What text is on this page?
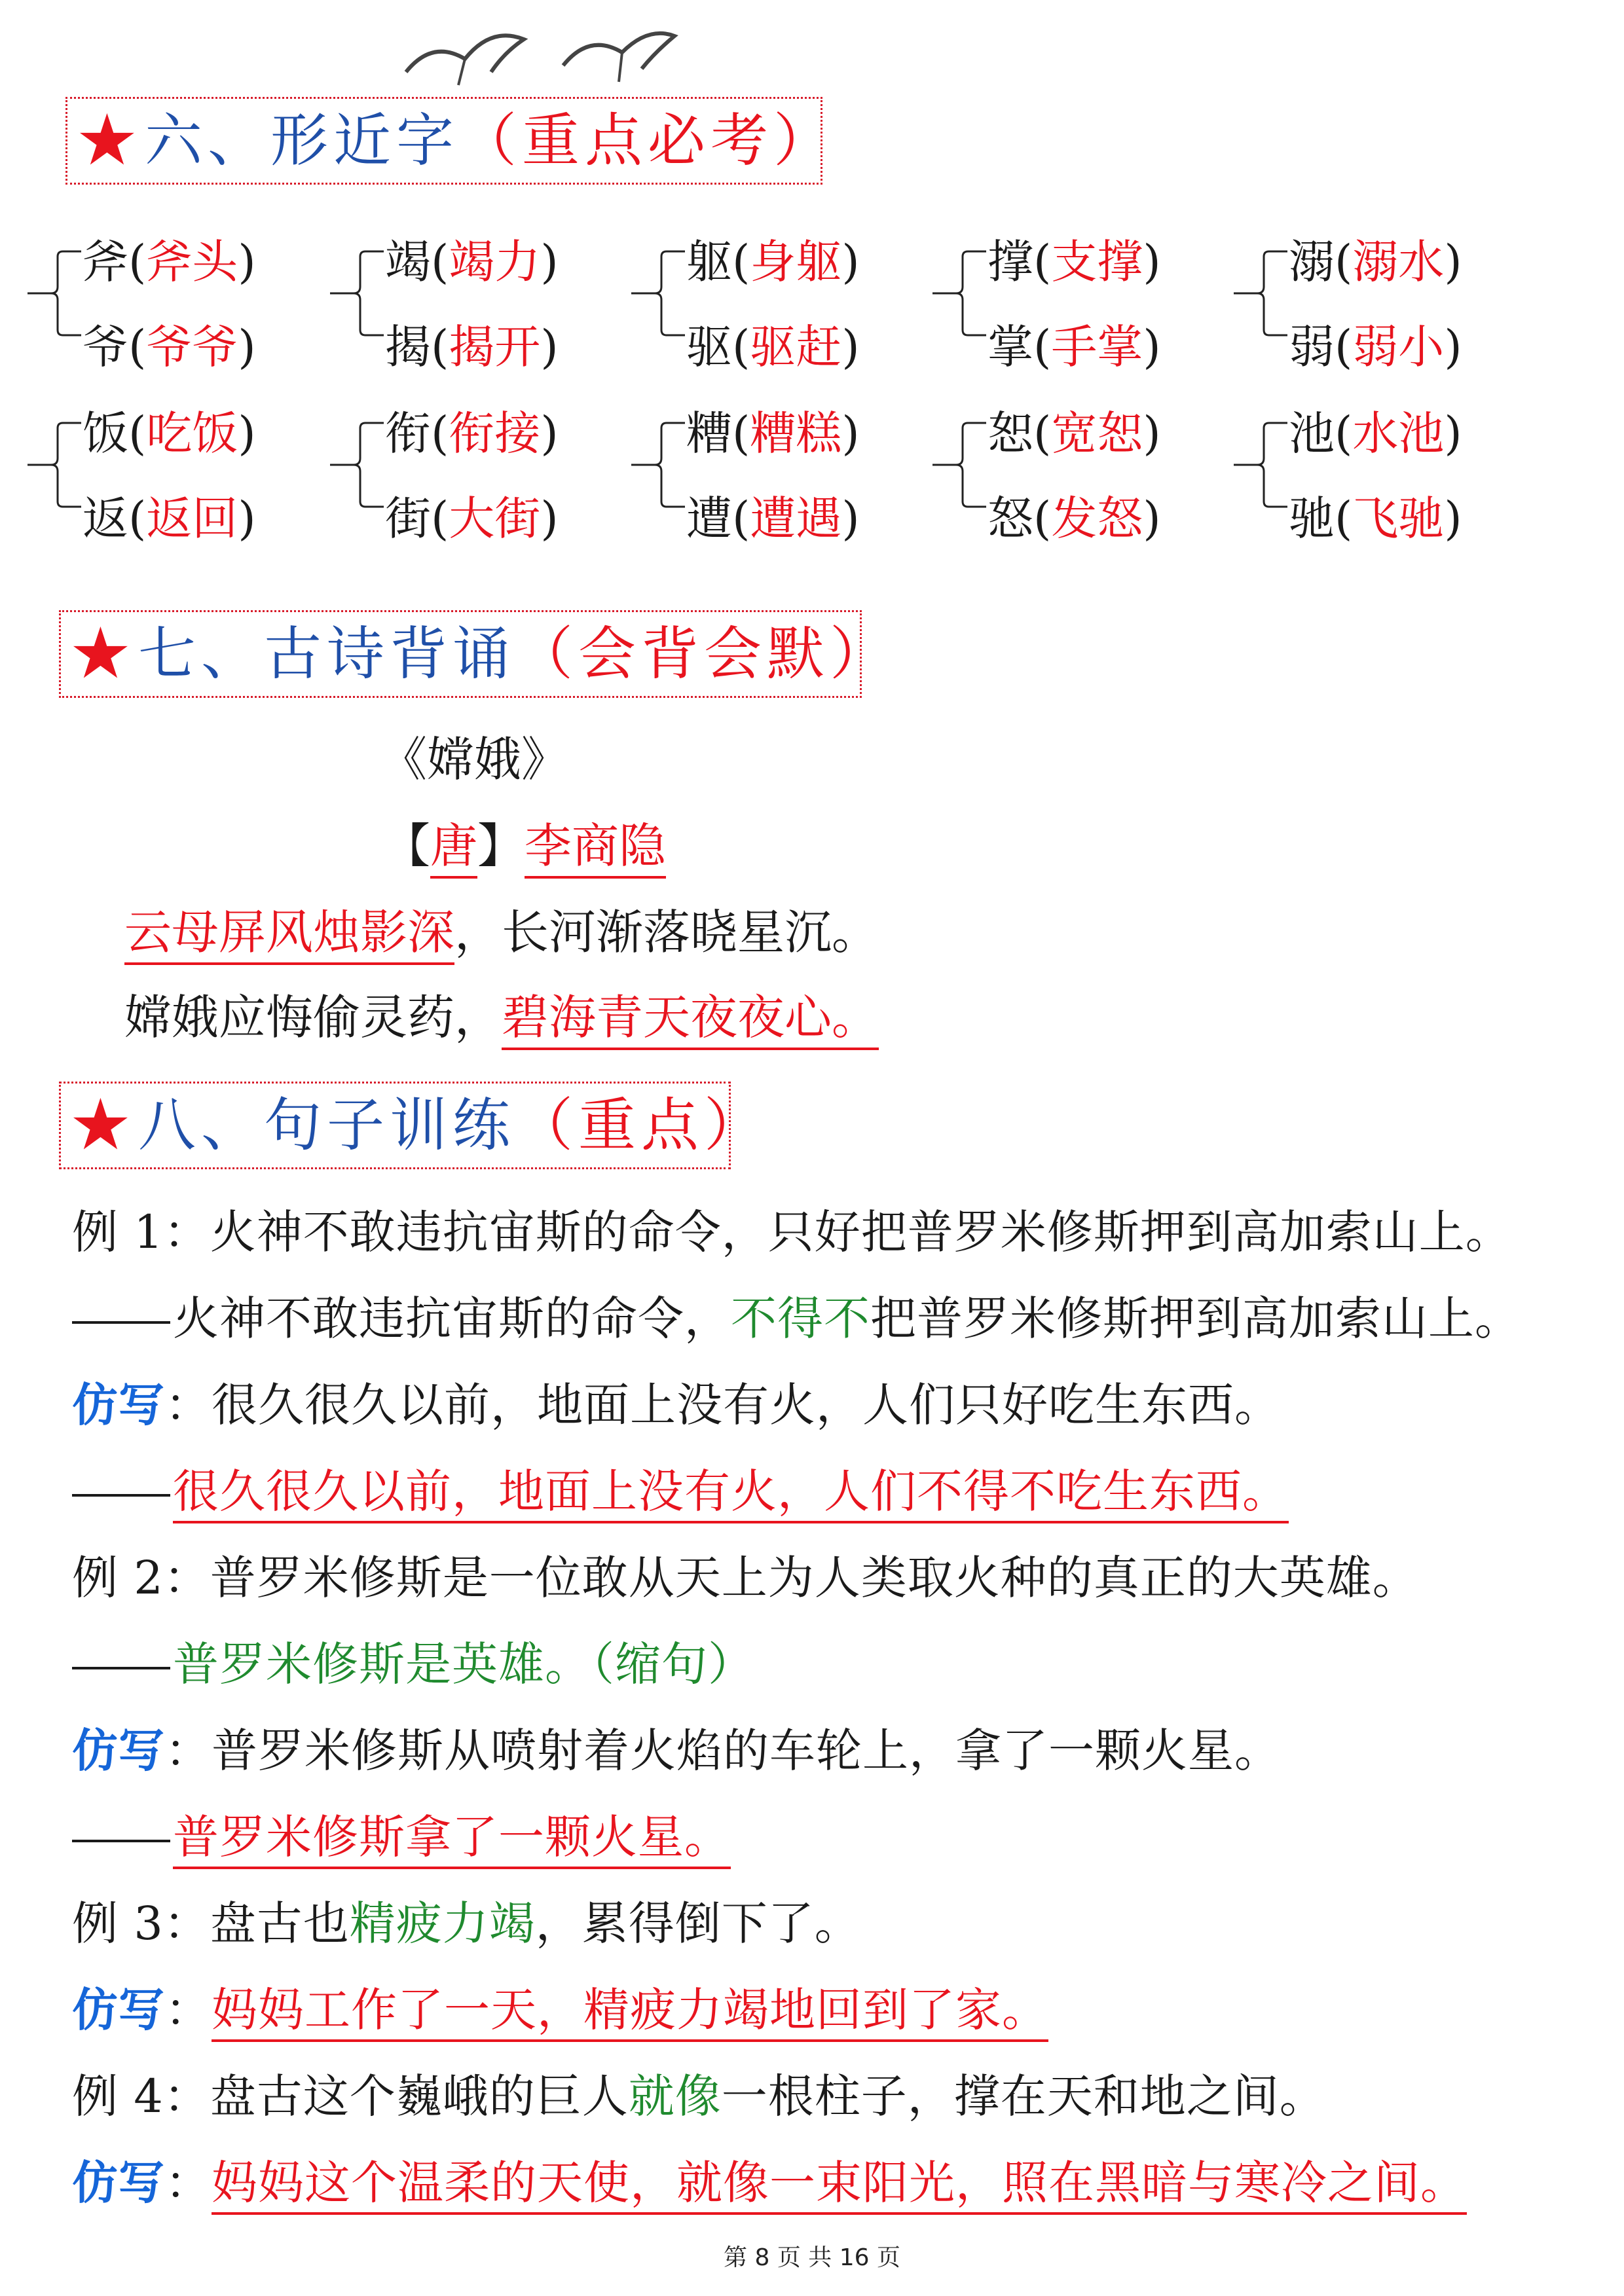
★ 六、形近字（重点必考）
斧(斧头)
爷(爷爷)
竭(竭力)
揭(揭开)
躯(身躯)
驱(驱赶)
撑(支撑)
掌(手掌)
溺(溺水)
弱(弱小)
饭(吃饭)
返(返回)
衔(衔接)
街(大街)
糟(糟糕)
遭(遭遇)
恕(宽恕)
怒(发怒)
池(水池)
驰(飞驰)
★ 七、古诗背诵（会背会默）
《嫦娥》
【唐】李商隐
云母屏风烛影深，长河渐落晓星沉。
嫦娥应悔偷灵药，碧海青天夜夜心。
★ 八、句子训练（重点）
例 1：火神不敢违抗宙斯的命令，只好把普罗米修斯押到高加索山上。
火神不敢违抗宙斯的命令，不得不把普罗米修斯押到高加索山上。
仿写：很久很久以前，地面上没有火，人们只好吃生东西。
很久很久以前，地面上没有火，人们不得不吃生东西。
例 2：普罗米修斯是一位敢从天上为人类取火种的真正的大英雄。
普罗米修斯是英雄。（缩句）
仿写：普罗米修斯从喷射着火焰的车轮上，拿了一颗火星。
普罗米修斯拿了一颗火星。
例 3：盘古也精疲力竭，累得倒下了。
仿写：妈妈工作了一天，精疲力竭地回到了家。
例 4：盘古这个巍峨的巨人就像一根柱子，撑在天和地之间。
仿写：妈妈这个温柔的天使，就像一束阳光，照在黑暗与寒冷之间。
第 8 页 共 16 页
